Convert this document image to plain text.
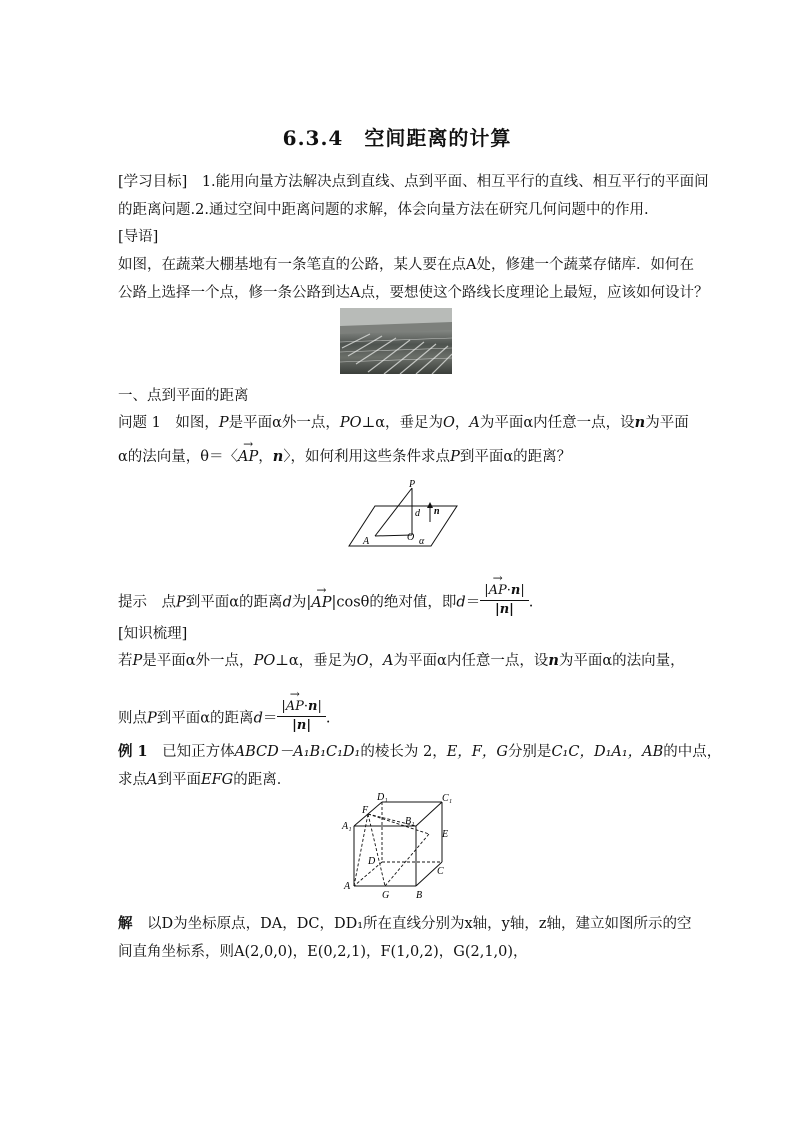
6.3.4　空间距离的计算
[学习目标]　1.能用向量方法解决点到直线、点到平面、相互平行的直线、相互平行的平面间
的距离问题.2.通过空间中距离问题的求解，体会向量方法在研究几何问题中的作用.
[导语]
如图，在蔬菜大棚基地有一条笔直的公路，某人要在点A处，修建一个蔬菜存储库．如何在
公路上选择一个点，修一条公路到达A点，要想使这个路线长度理论上最短，应该如何设计？
一、点到平面的距离
问题 1　如图，P是平面α外一点，PO⊥α，垂足为O，A为平面α内任意一点，设n为平面
α的法向量，θ＝〈→ AP，n〉，如何利用这些条件求点P到平面α的距离？
P
d n
A	O α
提示　点P到平面α的距离d为|→ AP|cosθ的绝对值，即$d= \frac{|\to AP\cdot n|}{|n|}$ .
[知识梳理]
若P是平面α外一点，PO⊥α，垂足为O，A为平面α内任意一点，设n为平面α的法向量，
则点P到平面α的距离$d= \frac{|\to AP\cdot n|}{|n|}$ .
例 1　已知正方体ABCD－A₁B₁C₁D₁的棱长为 2，E，F，G分别是C₁C，D₁A₁，AB的中点，
求点A到平面EFG的距离．
D₁	C₁
F
A₁	B₁
E
D
C
A
G	B
解　以D为坐标原点，DA，DC，DD₁所在直线分别为x轴，y轴，z轴，建立如图所示的空
间直角坐标系，则A(2,0,0)，E(0,2,1)，F(1,0,2)，G(2,1,0)，
